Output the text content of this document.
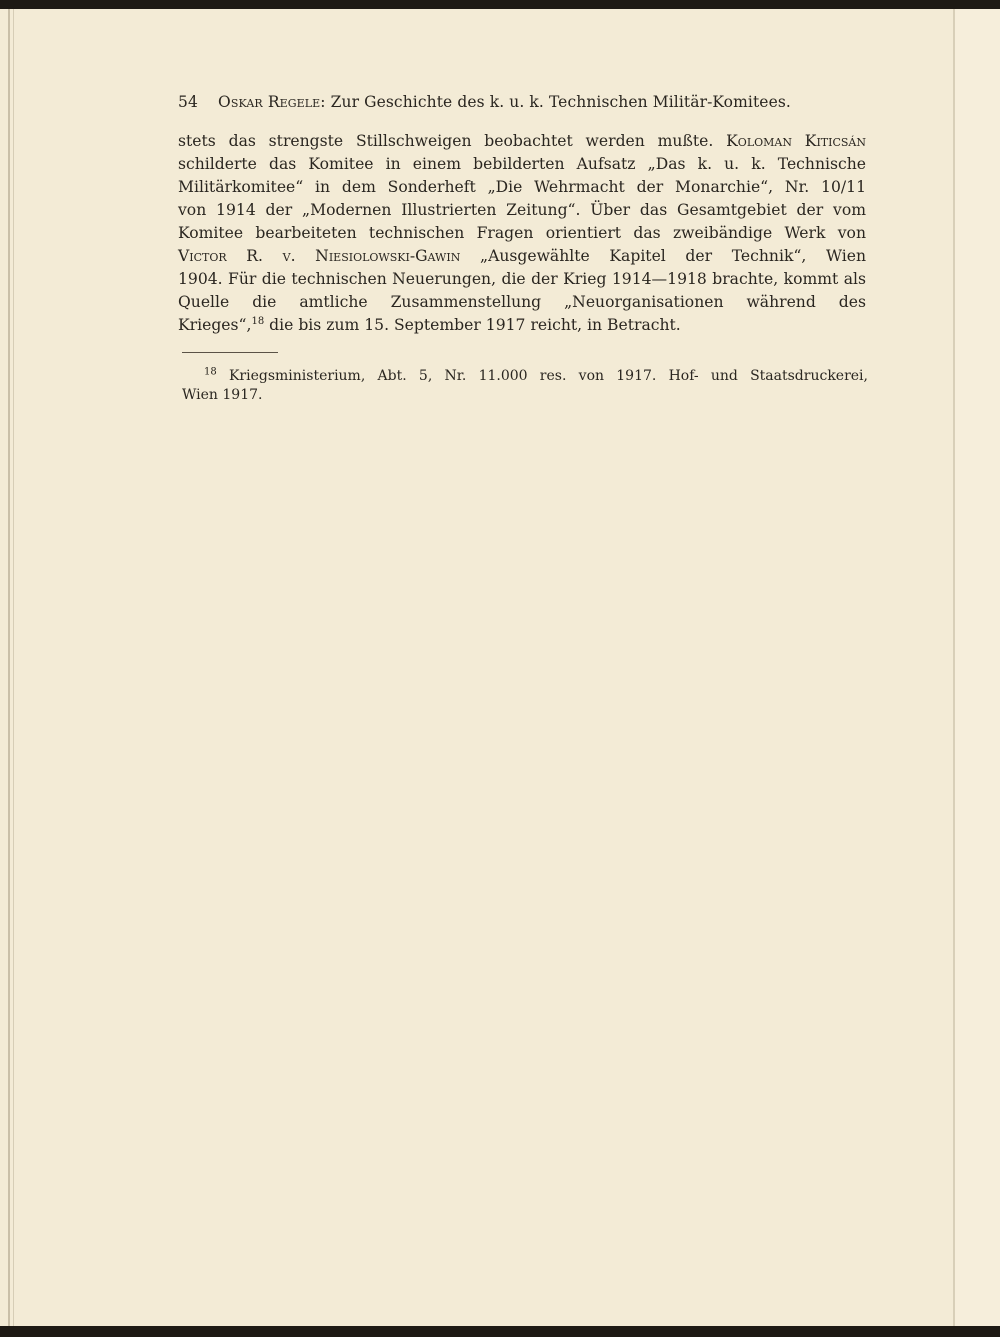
54 Oskar Regele: Zur Geschichte des k. u. k. Technischen Militär-Komitees.
stets das strengste Stillschweigen beobachtet werden mußte. Koloman Kiticsán
schilderte das Komitee in einem bebilderten Aufsatz „Das k. u. k. Technische
Militärkomitee“ in dem Sonderheft „Die Wehrmacht der Monarchie“, Nr. 10/11
von 1914 der „Modernen Illustrierten Zeitung“. Über das Gesamtgebiet der vom
Komitee bearbeiteten technischen Fragen orientiert das zweibändige Werk von
Victor R. v. Niesiolowski-Gawin „Ausgewählte Kapitel der Technik“, Wien
1904. Für die technischen Neuerungen, die der Krieg 1914—1918 brachte, kommt als
Quelle die amtliche Zusammenstellung „Neuorganisationen während des
Krieges“,$^{18}$ die bis zum 15. September 1917 reicht, in Betracht.
$^{18}$ Kriegsministerium, Abt. 5, Nr. 11.000 res. von 1917. Hof- und Staatsdruckerei,
Wien 1917.
